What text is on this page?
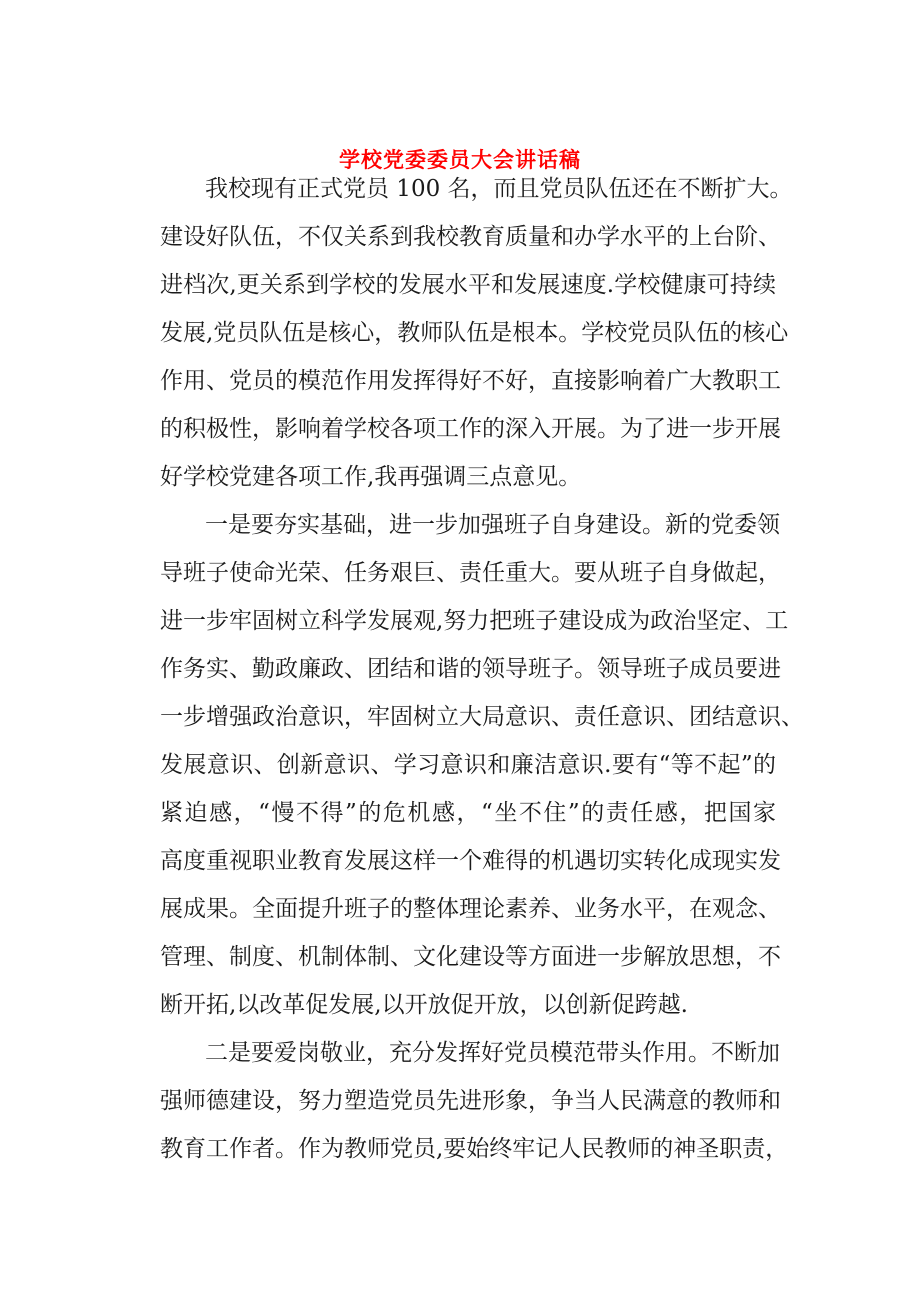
学校党委委员大会讲话稿
我校现有正式党员 100 名，而且党员队伍还在不断扩大。
建设好队伍，不仅关系到我校教育质量和办学水平的上台阶、
进档次,更关系到学校的发展水平和发展速度.学校健康可持续
发展,党员队伍是核心，教师队伍是根本。学校党员队伍的核心
作用、党员的模范作用发挥得好不好，直接影响着广大教职工
的积极性，影响着学校各项工作的深入开展。为了进一步开展
好学校党建各项工作,我再强调三点意见。
一是要夯实基础，进一步加强班子自身建设。新的党委领
导班子使命光荣、任务艰巨、责任重大。要从班子自身做起，
进一步牢固树立科学发展观,努力把班子建设成为政治坚定、工
作务实、勤政廉政、团结和谐的领导班子。领导班子成员要进
一步增强政治意识，牢固树立大局意识、责任意识、团结意识、
发展意识、创新意识、学习意识和廉洁意识.要有“等不起”的
紧迫感，“慢不得”的危机感，“坐不住”的责任感，把国家
高度重视职业教育发展这样一个难得的机遇切实转化成现实发
展成果。全面提升班子的整体理论素养、业务水平，在观念、
管理、制度、机制体制、文化建设等方面进一步解放思想，不
断开拓,以改革促发展,以开放促开放，以创新促跨越.
二是要爱岗敬业，充分发挥好党员模范带头作用。不断加
强师德建设，努力塑造党员先进形象，争当人民满意的教师和
教育工作者。作为教师党员,要始终牢记人民教师的神圣职责，
